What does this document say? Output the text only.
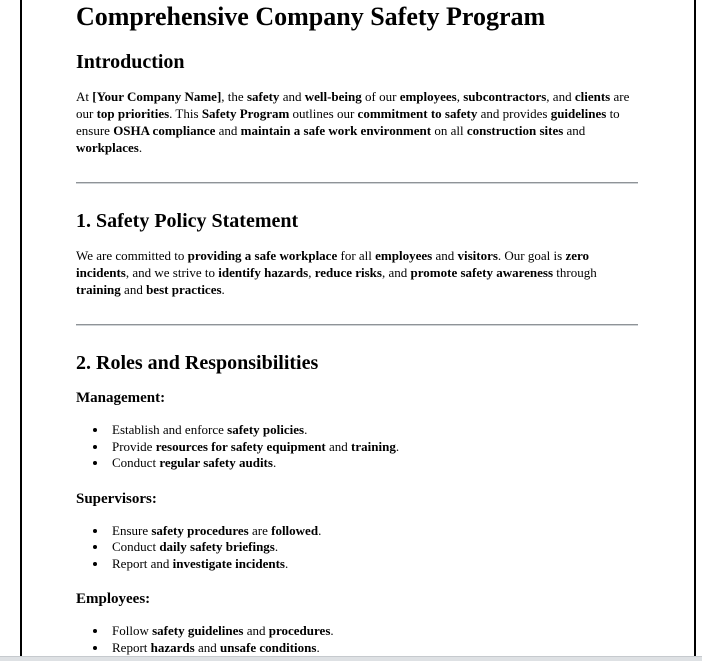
Comprehensive Company Safety Program
Introduction

At [Your Company Name], the safety and well-being of our employees, subcontractors, and clients are our top priorities. This Safety Program outlines our commitment to safety and provides guidelines to ensure OSHA compliance and maintain a safe work environment on all construction sites and workplaces.

1. Safety Policy Statement

We are committed to providing a safe workplace for all employees and visitors. Our goal is zero incidents, and we strive to identify hazards, reduce risks, and promote safety awareness through training and best practices.

2. Roles and Responsibilities
Management:
• Establish and enforce safety policies.
• Provide resources for safety equipment and training.
• Conduct regular safety audits.
Supervisors:
• Ensure safety procedures are followed.
• Conduct daily safety briefings.
• Report and investigate incidents.
Employees:
• Follow safety guidelines and procedures.
• Report hazards and unsafe conditions.
